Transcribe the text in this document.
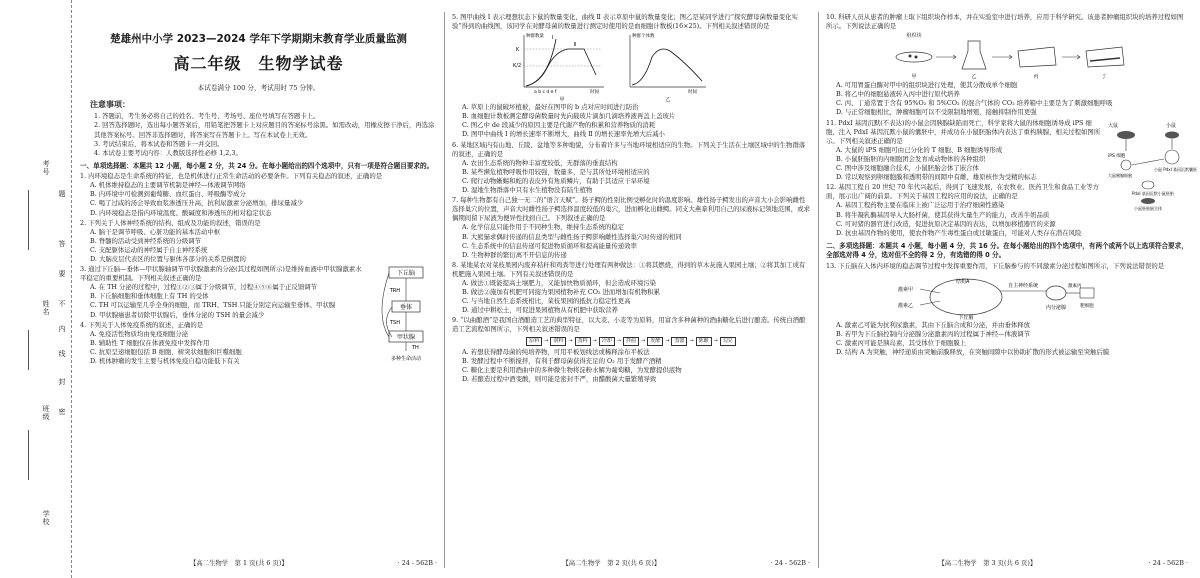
考号
姓名
班级
学校
题
答
要
不
内
线
封
密
楚雄州中小学 2023—2024 学年下学期期末教育学业质量监测
高二年级　生物学试卷
本试卷满分 100 分，考试用时 75 分钟。
注意事项：

1. 答题前，考生务必将自己的姓名、考生号、考场号、座位号填写在答题卡上。

2. 回答选择题时，选出每小题答案后，用铅笔把答题卡上对应题目的答案标号涂黑。如需改动，用橡皮擦干净后，再选涂其他答案标号。回答非选择题时，将答案写在答题卡上。写在本试卷上无效。

3. 考试结束后，将本试卷和答题卡一并交回。

4. 本试卷主要考试内容：人教版选择性必修 1,2,3。

一、单项选择题：本题共 12 小题，每小题 2 分，共 24 分。在每小题给出的四个选项中，只有一项是符合题目要求的。
1. 内环境稳态是生命系统的特征，也是机体进行正常生命活动的必要条件。下列有关稳态的叙述，正确的是
A. 机体维持稳态的主要调节机制是神经—体液调节网络
B. 内环境中可检测到葡萄糖、血红蛋白、呼吸酶等成分
C. 喝了过咸的汤会导致血浆渗透压升高，抗利尿激素分泌增加，排尿量减少
D. 内环境稳态是指内环境温度、酸碱度和渗透压的相对稳定状态
2. 下列关于人体神经系统的结构、组成及功能的叙述，错误的是
A. 脑干是调节呼吸、心脏功能的基本活动中枢
B. 脊髓的活动受到神经系统的分级调节
C. 支配躯体运动的神经属于自主神经系统
D. 大脑皮层代表区的位置与躯体各部分的关系是倒置的
下丘脑
垂体
甲状腺
TRH
TSH
TH
多种生命活动
3. 通过下丘脑—垂体—甲状腺轴调节甲状腺激素的分泌(其过程如图所示)是维持血液中甲状腺激素水平稳定的重要机制。下列相关叙述正确的是
A. 在 TH 分泌的过程中，过程①②③属于分级调节，过程④⑤⑥属于正反馈调节
B. 下丘脑细胞和垂体细胞上有 TH 的受体
C. TH 可以运输至几乎全身的细胞，而 TRH、TSH 只能分别定向运输至垂体、甲状腺
D. 甲状腺癌患者切除甲状腺后，垂体分泌的 TSH 的量会减少
4. 下列关于人体免疫系统的叙述，正确的是
A. 免疫活性物质均由免疫细胞分泌
B. 辅助性 T 细胞仅在体液免疫中发挥作用
C. 抗原呈递细胞包括 B 细胞、树突状细胞和巨噬细胞
D. 机体肿瘤的发生主要与机体免疫自稳功能低下有关
【高二生物学　第 1 页(共 6 页)】	· 24 - 562B ·
5. 图甲曲线 Ⅰ 表示理想状态下鼠的数量变化，曲线 Ⅱ 表示草原中鼠的数量变化；图乙是某同学进行“探究酵母菌数量变化实验”得到的曲线图，该同学在对酵母菌的数量进行测定时使用的是血细胞计数板(16×25)。下列相关叙述错误的是
种群数量
K
K/2
Ⅰ
Ⅱ
a b c d e f	时间
甲
种群个体数
时间
乙
A. 草原上的鼠破坏植被，最好在图甲的 b 点对应时间进行防治
B. 血细胞计数板测定酵母菌数量时先向载玻片滴加几滴培养液再盖上盖玻片
C. 图乙中 de 段减少的原因主要是代谢产物的积累和营养物质的消耗
D. 图甲中曲线 Ⅰ 的增长速率不断增大，曲线 Ⅱ 的增长速率先增大后减小
6. 某地区域内有山地、丘陵、盆地等多种地貌，分布着许多与当地环境相适应的生物。下列关于生活在土壤区域中的生物群落的叙述，正确的是
A. 农田生态系统的物种丰富度较低，无群落的垂直结构
B. 某些濒危植物呼吸作用较强，数量多，是与其所处环境相适应的
C. 爬行动物蜥蜴和蛇的表皮外有角质鳞片，有助于其适应干旱环境
D. 湿地生物群落中只有水生植物没有陆生植物
7. 每种生物都有自己独一无二的“语言天赋”。扬子鳄的性别比例受孵化时的温度影响。雄性扬子鳄发出的声音大小会影响雌性选择巢穴的位置，声音大时雌性扬子鳄选择温度较低的巢穴，进而孵化出雌鳄。同支大燕豢利用自己的尿液标记领地范围，或求偶期间留下尿液为便异性找到自己。下列叙述正确的是
A. 化学信息只能作用于不同种生物，维持生态系统的稳定
B. 大熊猫求偶时传递的信息类型与雌性扬子鳄影响雌性选择巢穴时传递的相同
C. 生态系统中的信息传递可促进物质循环和提高能量传递效率
D. 生物种群的繁衍离不开信息的传递
8. 某地某农对菜枝果园内废弃秸秆和鸡粪等进行处理有两种做法：①将其燃烧，得到的草木灰施入果园土壤；②将其加工成有机肥施入果园土壤。下列有关叙述错误的是
A. 做法①既能提高土壤肥力，又能加快物质循环，但会造成环境污染
B. 做法②施加有机肥可同接为果园植物补充 CO₂ 进而增加有机物积累
C. 与当地自然生态系统相比，菜枝果园的抵抗力稳定性更高
D. 通过中耕松土，可促进果园植物从有机肥中获取营养
9. “以曲酿酒”是我国白酒酿造工艺的典型特征，以大麦、小麦等为原料，用富含多种菌种的酒曲糖化后进行酿造。传统白酒酿造工艺流程如图所示，下列相关叙述错误的是
原料	→	润料	→	蒸料	→	冷却	→	拌曲	→	发酵	→	蒸馏	→	陈酿	→	勾兑
A. 若想获得酵母菌的纯培养物，可用平板划线法或稀释涂布平板法
B. 发酵过程中不断搅拌，有利于酵母菌获得充足的 O₂ 用于发酵产酒精
C. 糖化主要是利用酒曲中的多种微生物将淀粉水解为葡萄糖，为发酵提供底物
D. 若酿造过程中酒变酸，则可能是密封不严，由醋酸菌大量繁殖导致
【高二生物学　第 2 页(共 6 页)】	· 24 - 562B ·
10. 科研人员从患者的肿瘤上取下组织块作样本，并在实验室中进行培养，应用于科学研究。该患者肿瘤组织块的培养过程如图所示。下列说法正确的是
组织块
甲	乙	丙	丁
A. 可用胃蛋白酶对甲中的组织块进行处理，使其分散成单个细胞
B. 将乙中的细胞悬液转入丙中进行原代培养
C. 丙、丁通常置于含有 95%O₂ 和 5%CO₂ 的混合气体的 CO₂ 培养箱中主要是为了刺激细胞呼吸
D. 与正常细胞相比，肿瘤细胞可以不受限制地增殖，接触抑制作用更强
大鼠	小鼠
iPS 细胞
小鼠 PdxI 基因沉默囊胚
大鼠胰腺细胞
PdxI 基因沉默小鼠胚胎
小鼠胚胎嵌合体
11. PdxI 基因沉默(不表达)的小鼠会因胰腺缺陷而死亡，科学家将大鼠的体细胞诱导成 iPS 细胞，注入 PdxI 基因沉默小鼠的囊胚中，并成功在小鼠胚胎体内表达了重构胰腺，相关过程如图所示。下列相关叙述正确的是
A. 大鼠的 iPS 细胞可由已分化的 T 细胞、B 细胞诱导形成
B. 小鼠胚胎胚的内细胞团会发育成动物体的各种组织
C. 图中涉及细胞融合技术，小鼠胚胎会体了嵌合体
D. 常以观察到卵细胞膜和透明带的间隙中有雌、雄原核作为受精的标志
12. 基因工程自 20 世纪 70 年代兴起后，得到了飞速发展，在农牧业、医药卫生和食品工业等方面，展示出广阔的前景。下列关于基因工程的应用的说法，正确的是
A. 基因工程药物主要在临床上被广泛运用于治疗细菌性感染
B. 将牛凝乳酶基因导入大肠杆菌，使其获得大量生产的能力，改善牛奶品质
C. 可对猪的器官进行改造，促进抗原决定基因的表达，以增加移植器官的来源
D. 抗虫基因作物的使用，使农作物产生毒性蛋白或过敏蛋白，可能对人类存在潜在风险
二、多项选择题：本题共 4 小题，每小题 4 分，共 16 分。在每小题给出的四个选项中，有两个或两个以上选项符合要求，全部选对得 4 分，选对但不全的得 2 分，有选错的得 0 分。
13. 下丘脑在人体内环境的稳态调节过程中发挥重要作用，下丘脑参与的不同激素分泌过程如图所示，下列说法错误的是
下丘脑
激素甲
激素乙
结构A
自主神经系统
内分泌腺
激素丙
靶细胞
A. 激素乙可能为抗利尿激素，其由下丘脑合成和分泌，并由垂体释放
B. 若甲为下丘脑控制内分泌腺分泌激素丙的过程属于神经—体液调节
C. 激素丙可能是胰岛素，其受体位于细胞膜上
D. 结构 A 为突触，神经递质由突触前膜释放，在突触间隙中以协助扩散的形式被运输至突触后膜
【高二生物学　第 3 页(共 6 页)】	· 24 - 562B ·
